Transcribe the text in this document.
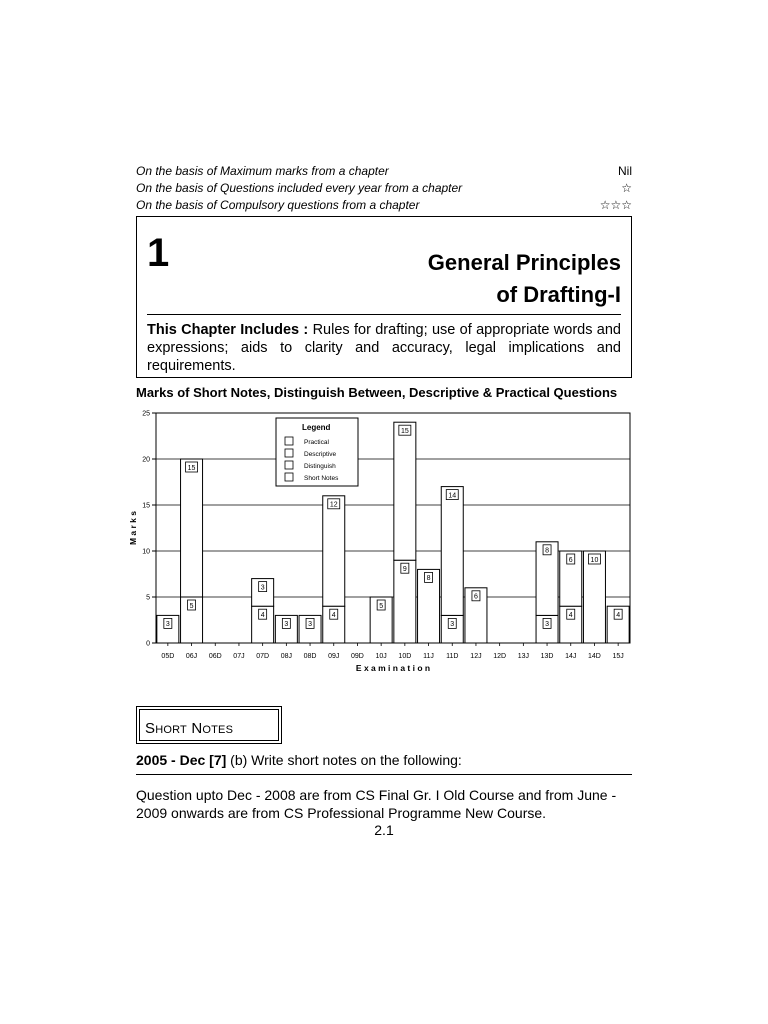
On the basis of Maximum marks from a chapter	Nil
On the basis of Questions included every year from a chapter	☆
On the basis of Compulsory questions from a chapter	☆☆☆
1	General Principles
of Drafting-I
This Chapter Includes : Rules for drafting; use of appropriate words and expressions; aids to clarity and accuracy, legal implications and requirements.
Marks of Short Notes, Distinguish Between, Descriptive & Practical Questions
0
5
10
15
20
25
05D 06J 06D 07J 07D 08J 08D 09J 09D 10J 10D 11J 11D 12J 12D 13J 13D 14J 14D 15J
E x a m i n a t i o n
M a r k s
3
5
15
4
3
3	3
4
12
5
9
15
8
3
14
6
3
8
4
6	10
4
Legend
Practical
Descriptive
Distinguish
Short Notes
Short Notes
2005 - Dec [7] (b) Write short notes on the following:
Question upto Dec - 2008 are from CS Final Gr. I Old Course and from June - 2009 onwards are from CS Professional Programme New Course.
2.1
